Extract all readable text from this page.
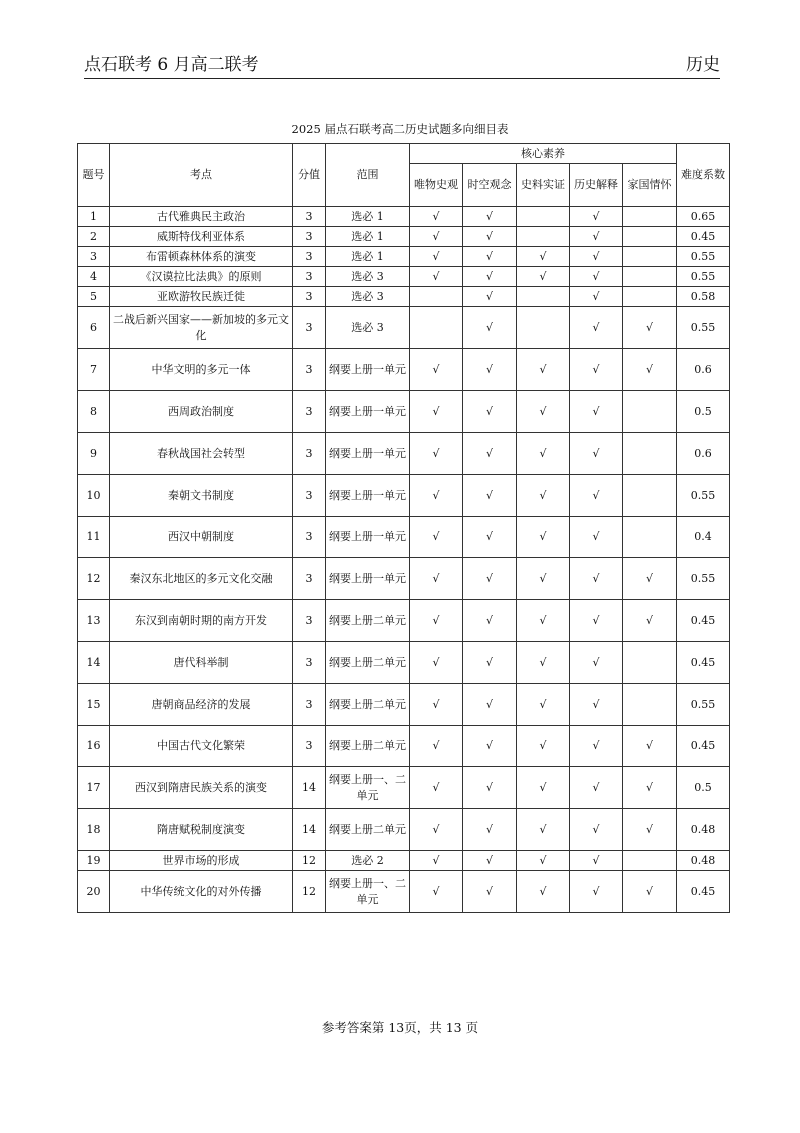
点石联考 6 月高二联考	历史
2025 届点石联考高二历史试题多向细目表
题号	考点	分值	范围	核心素养					难度系数
				唯物史观	时空观念	史料实证	历史解释	家国情怀	
1	古代雅典民主政治	3	选必 1	√	√		√		0.65
2	威斯特伐利亚体系	3	选必 1	√	√		√		0.45
3	布雷顿森林体系的演变	3	选必 1	√	√	√	√		0.55
4	《汉谟拉比法典》的原则	3	选必 3	√	√	√	√		0.55
5	亚欧游牧民族迁徙	3	选必 3		√		√		0.58
6	二战后新兴国家——新加坡的多元文化	3	选必 3		√		√	√	0.55
7	中华文明的多元一体	3	纲要上册一单元	√	√	√	√	√	0.6
8	西周政治制度	3	纲要上册一单元	√	√	√	√		0.5
9	春秋战国社会转型	3	纲要上册一单元	√	√	√	√		0.6
10	秦朝文书制度	3	纲要上册一单元	√	√	√	√		0.55
11	西汉中朝制度	3	纲要上册一单元	√	√	√	√		0.4
12	秦汉东北地区的多元文化交融	3	纲要上册一单元	√	√	√	√	√	0.55
13	东汉到南朝时期的南方开发	3	纲要上册二单元	√	√	√	√	√	0.45
14	唐代科举制	3	纲要上册二单元	√	√	√	√		0.45
15	唐朝商品经济的发展	3	纲要上册二单元	√	√	√	√		0.55
16	中国古代文化繁荣	3	纲要上册二单元	√	√	√	√	√	0.45
17	西汉到隋唐民族关系的演变	14	纲要上册一、二单元	√	√	√	√	√	0.5
18	隋唐赋税制度演变	14	纲要上册二单元	√	√	√	√	√	0.48
19	世界市场的形成	12	选必 2	√	√	√	√		0.48
20	中华传统文化的对外传播	12	纲要上册一、二单元	√	√	√	√	√	0.45
参考答案第 13页，共 13 页
